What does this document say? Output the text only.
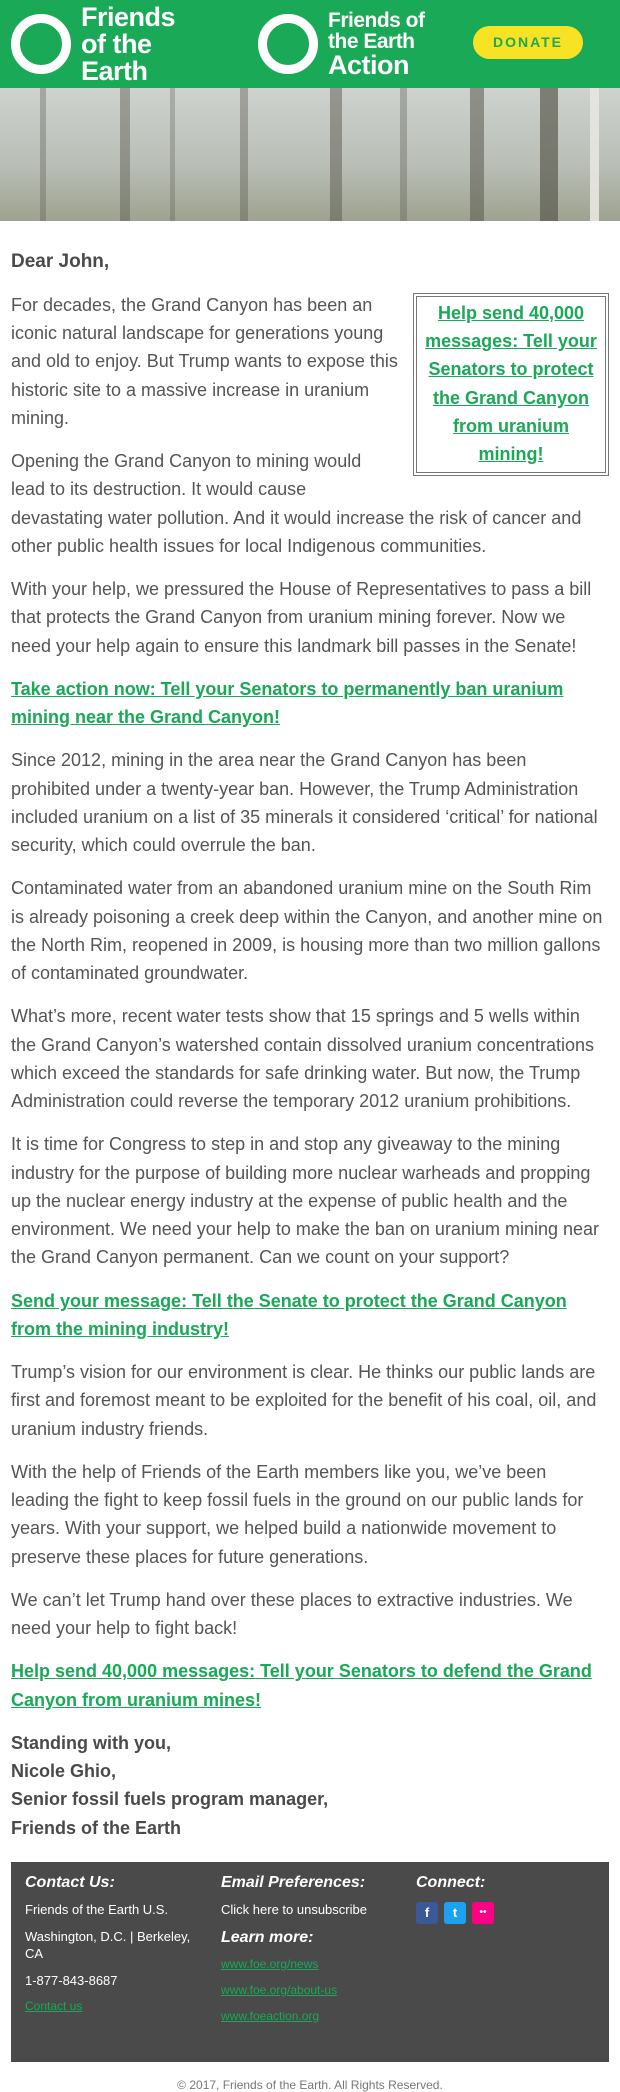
Friends of the Earth
Friends of the Earth
Action
DONATE
Dear John,
Help send 40,000 messages: Tell your Senators to protect the Grand Canyon from uranium mining!

For decades, the Grand Canyon has been an iconic natural landscape for generations young and old to enjoy. But Trump wants to expose this historic site to a massive increase in uranium mining.

Opening the Grand Canyon to mining would lead to its destruction. It would cause devastating water pollution. And it would increase the risk of cancer and other public health issues for local Indigenous communities.

With your help, we pressured the House of Representatives to pass a bill that protects the Grand Canyon from uranium mining forever. Now we need your help again to ensure this landmark bill passes in the Senate!

Take action now: Tell your Senators to permanently ban uranium mining near the Grand Canyon!

Since 2012, mining in the area near the Grand Canyon has been prohibited under a twenty-year ban. However, the Trump Administration included uranium on a list of 35 minerals it considered ‘critical’ for national security, which could overrule the ban.

Contaminated water from an abandoned uranium mine on the South Rim is already poisoning a creek deep within the Canyon, and another mine on the North Rim, reopened in 2009, is housing more than two million gallons of contaminated groundwater.

What’s more, recent water tests show that 15 springs and 5 wells within the Grand Canyon’s watershed contain dissolved uranium concentrations which exceed the standards for safe drinking water. But now, the Trump Administration could reverse the temporary 2012 uranium prohibitions.

It is time for Congress to step in and stop any giveaway to the mining industry for the purpose of building more nuclear warheads and propping up the nuclear energy industry at the expense of public health and the environment. We need your help to make the ban on uranium mining near the Grand Canyon permanent. Can we count on your support?

Send your message: Tell the Senate to protect the Grand Canyon from the mining industry!

Trump’s vision for our environment is clear. He thinks our public lands are first and foremost meant to be exploited for the benefit of his coal, oil, and uranium industry friends.

With the help of Friends of the Earth members like you, we’ve been leading the fight to keep fossil fuels in the ground on our public lands for years. With your support, we helped build a nationwide movement to preserve these places for future generations.

We can’t let Trump hand over these places to extractive industries. We need your help to fight back!

Help send 40,000 messages: Tell your Senators to defend the Grand Canyon from uranium mines!
Standing with you,
Nicole Ghio,
Senior fossil fuels program manager,
Friends of the Earth
Contact Us:
Friends of the Earth U.S.
Washington, D.C. | Berkeley, CA
1-877-843-8687
Contact us
Email Preferences:
Click here to unsubscribe
Learn more:
www.foe.org/news
www.foe.org/about-us
www.foeaction.org
Connect:
f	t	••
© 2017, Friends of the Earth. All Rights Reserved.
